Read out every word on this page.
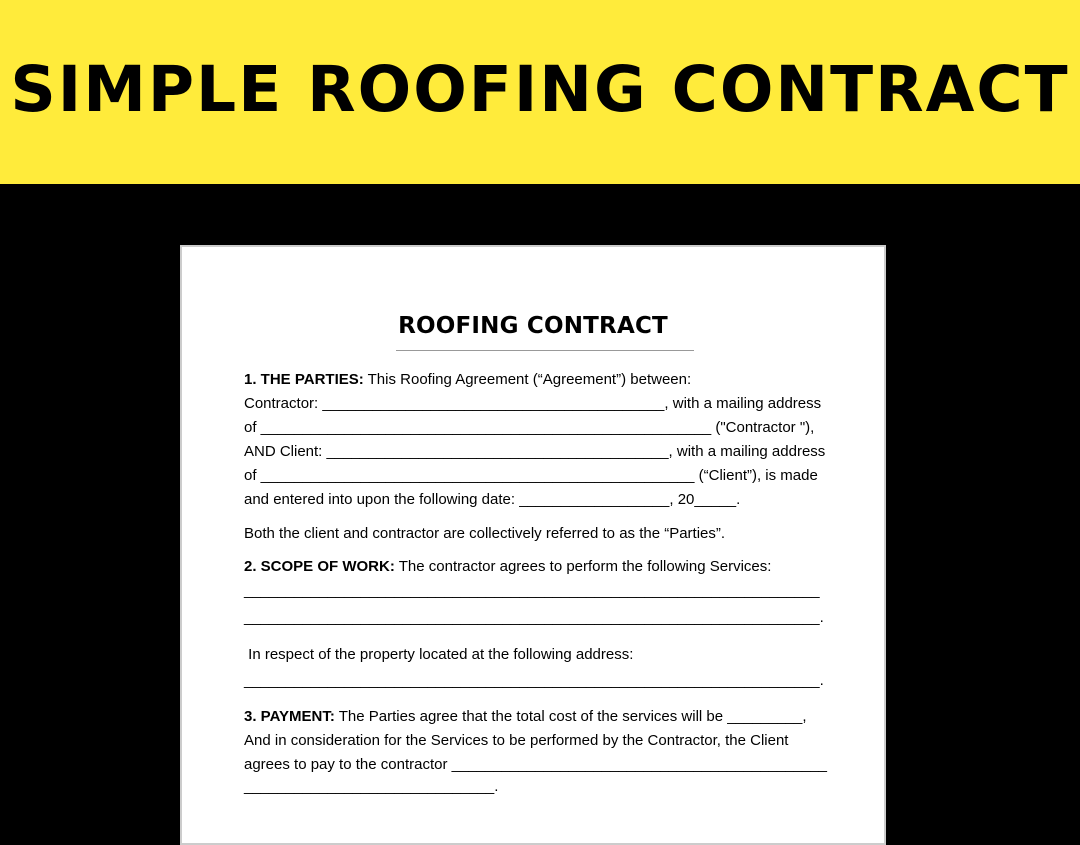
SIMPLE ROOFING CONTRACT
ROOFING CONTRACT
1. THE PARTIES: This Roofing Agreement (“Agreement”) between:
Contractor: _________________________________________, with a mailing address
of ______________________________________________________ ("Contractor "),
AND Client: _________________________________________, with a mailing address
of ____________________________________________________ (“Client”), is made
and entered into upon the following date: __________________, 20_____.
Both the client and contractor are collectively referred to as the “Parties”.
2. SCOPE OF WORK: The contractor agrees to perform the following Services:
_____________________________________________________________________
_____________________________________________________________________.
In respect of the property located at the following address:
_____________________________________________________________________.
3. PAYMENT: The Parties agree that the total cost of the services will be _________,
And in consideration for the Services to be performed by the Contractor, the Client
agrees to pay to the contractor _____________________________________________
______________________________.
